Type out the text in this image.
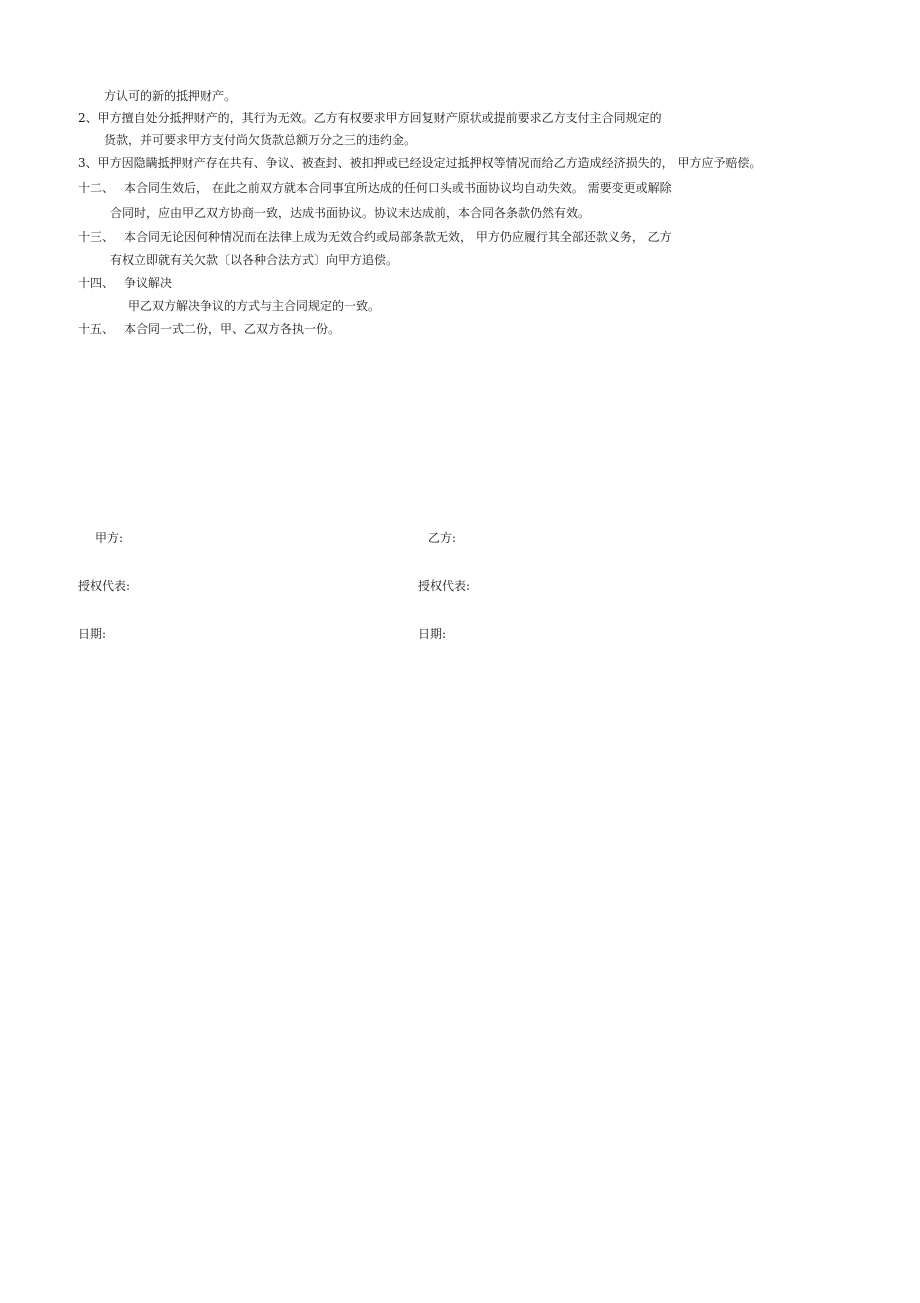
方认可的新的抵押财产。
2、甲方擅自处分抵押财产的，其行为无效。乙方有权要求甲方回复财产原状或提前要求乙方支付主合同规定的
货款，并可要求甲方支付尚欠货款总额万分之三的违约金。
3、甲方因隐瞒抵押财产存在共有、争议、被查封、被扣押或已经设定过抵押权等情况而给乙方造成经济损失的， 甲方应予赔偿。
十二、 本合同生效后， 在此之前双方就本合同事宜所达成的任何口头或书面协议均自动失效。 需要变更或解除
合同时，应由甲乙双方协商一致，达成书面协议。协议末达成前，本合同各条款仍然有效。
十三、 本合同无论因何种情况而在法律上成为无效合约或局部条款无效， 甲方仍应履行其全部还款义务， 乙方
有权立即就有关欠款〔以各种合法方式〕向甲方追偿。
十四、 争议解决
甲乙双方解决争议的方式与主合同规定的一致。
十五、 本合同一式二份，甲、乙双方各执一份。
甲方:	乙方:
授权代表:	授权代表:
日期:	日期:
